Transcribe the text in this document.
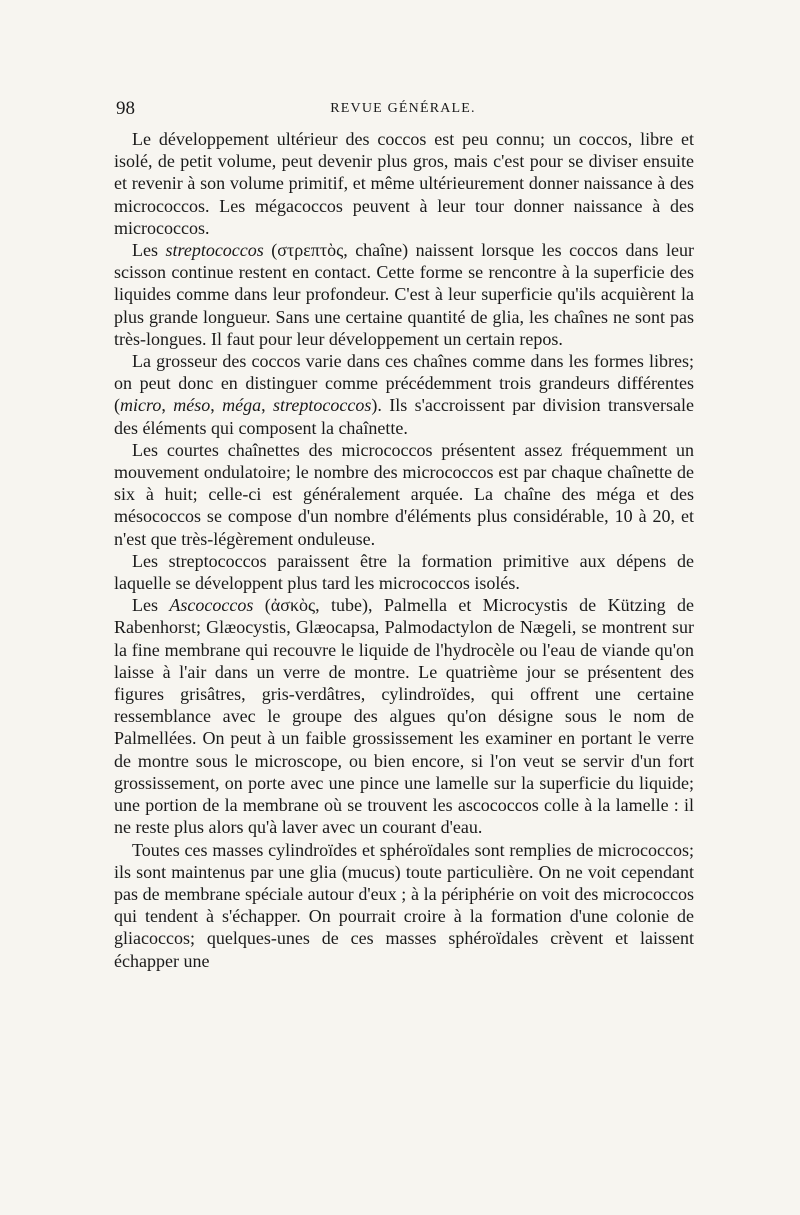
98	REVUE GÉNÉRALE.

Le développement ultérieur des coccos est peu connu; un coccos, libre et isolé, de petit volume, peut devenir plus gros, mais c'est pour se diviser ensuite et revenir à son volume primitif, et même ultérieurement donner naissance à des micrococcos. Les mégacoccos peuvent à leur tour donner naissance à des micrococcos.

Les streptococcos (στρεπτὸς, chaîne) naissent lorsque les coccos dans leur scisson continue restent en contact. Cette forme se rencontre à la superficie des liquides comme dans leur profondeur. C'est à leur superficie qu'ils acquièrent la plus grande longueur. Sans une certaine quantité de glia, les chaînes ne sont pas très-longues. Il faut pour leur développement un certain repos.

La grosseur des coccos varie dans ces chaînes comme dans les formes libres; on peut donc en distinguer comme précédemment trois grandeurs différentes (micro, méso, méga, streptococcos). Ils s'accroissent par division transversale des éléments qui composent la chaînette.

Les courtes chaînettes des micrococcos présentent assez fréquemment un mouvement ondulatoire; le nombre des micrococcos est par chaque chaînette de six à huit; celle-ci est généralement arquée. La chaîne des méga et des mésococcos se compose d'un nombre d'éléments plus considérable, 10 à 20, et n'est que très-légèrement onduleuse.

Les streptococcos paraissent être la formation primitive aux dépens de laquelle se développent plus tard les micrococcos isolés.

Les Ascococcos (ἀσκὸς, tube), Palmella et Microcystis de Kützing de Rabenhorst; Glæocystis, Glæocapsa, Palmodactylon de Nægeli, se montrent sur la fine membrane qui recouvre le liquide de l'hydrocèle ou l'eau de viande qu'on laisse à l'air dans un verre de montre. Le quatrième jour se présentent des figures grisâtres, gris-verdâtres, cylindroïdes, qui offrent une certaine ressemblance avec le groupe des algues qu'on désigne sous le nom de Palmellées. On peut à un faible grossissement les examiner en portant le verre de montre sous le microscope, ou bien encore, si l'on veut se servir d'un fort grossissement, on porte avec une pince une lamelle sur la superficie du liquide; une portion de la membrane où se trouvent les ascococcos colle à la lamelle : il ne reste plus alors qu'à laver avec un courant d'eau.

Toutes ces masses cylindroïdes et sphéroïdales sont remplies de micrococcos; ils sont maintenus par une glia (mucus) toute particulière. On ne voit cependant pas de membrane spéciale autour d'eux ; à la périphérie on voit des micrococcos qui tendent à s'échapper. On pourrait croire à la formation d'une colonie de gliacoccos; quelques-unes de ces masses sphéroïdales crèvent et laissent échapper une
